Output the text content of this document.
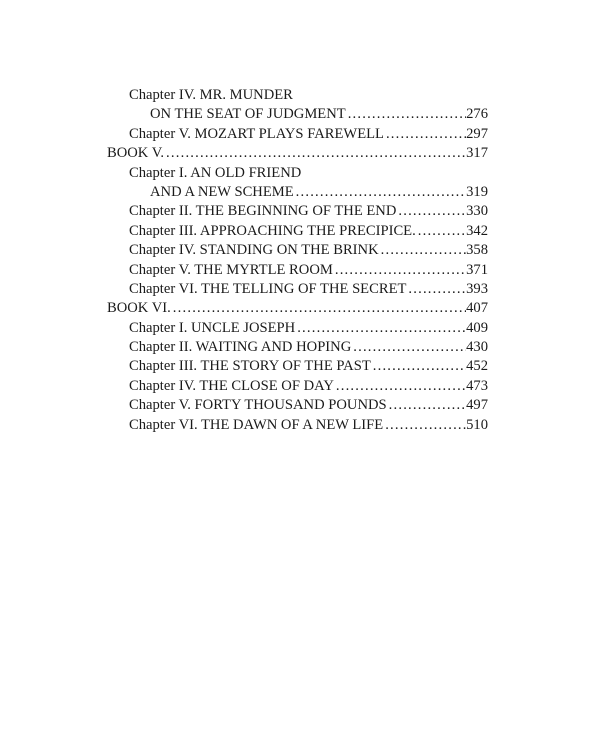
Chapter IV. MR. MUNDER
ON THE SEAT OF JUDGMENT .....	276
Chapter V. MOZART PLAYS FAREWELL .....	297
BOOK V. .....	317
Chapter I. AN OLD FRIEND
AND A NEW SCHEME .....	319
Chapter II. THE BEGINNING OF THE END .....	330
Chapter III. APPROACHING THE PRECIPICE. .....	342
Chapter IV. STANDING ON THE BRINK .....	358
Chapter V. THE MYRTLE ROOM .....	371
Chapter VI. THE TELLING OF THE SECRET .....	393
BOOK VI. .....	407
Chapter I. UNCLE JOSEPH .....	409
Chapter II. WAITING AND HOPING .....	430
Chapter III. THE STORY OF THE PAST .....	452
Chapter IV. THE CLOSE OF DAY .....	473
Chapter V. FORTY THOUSAND POUNDS .....	497
Chapter VI. THE DAWN OF A NEW LIFE .....	510
